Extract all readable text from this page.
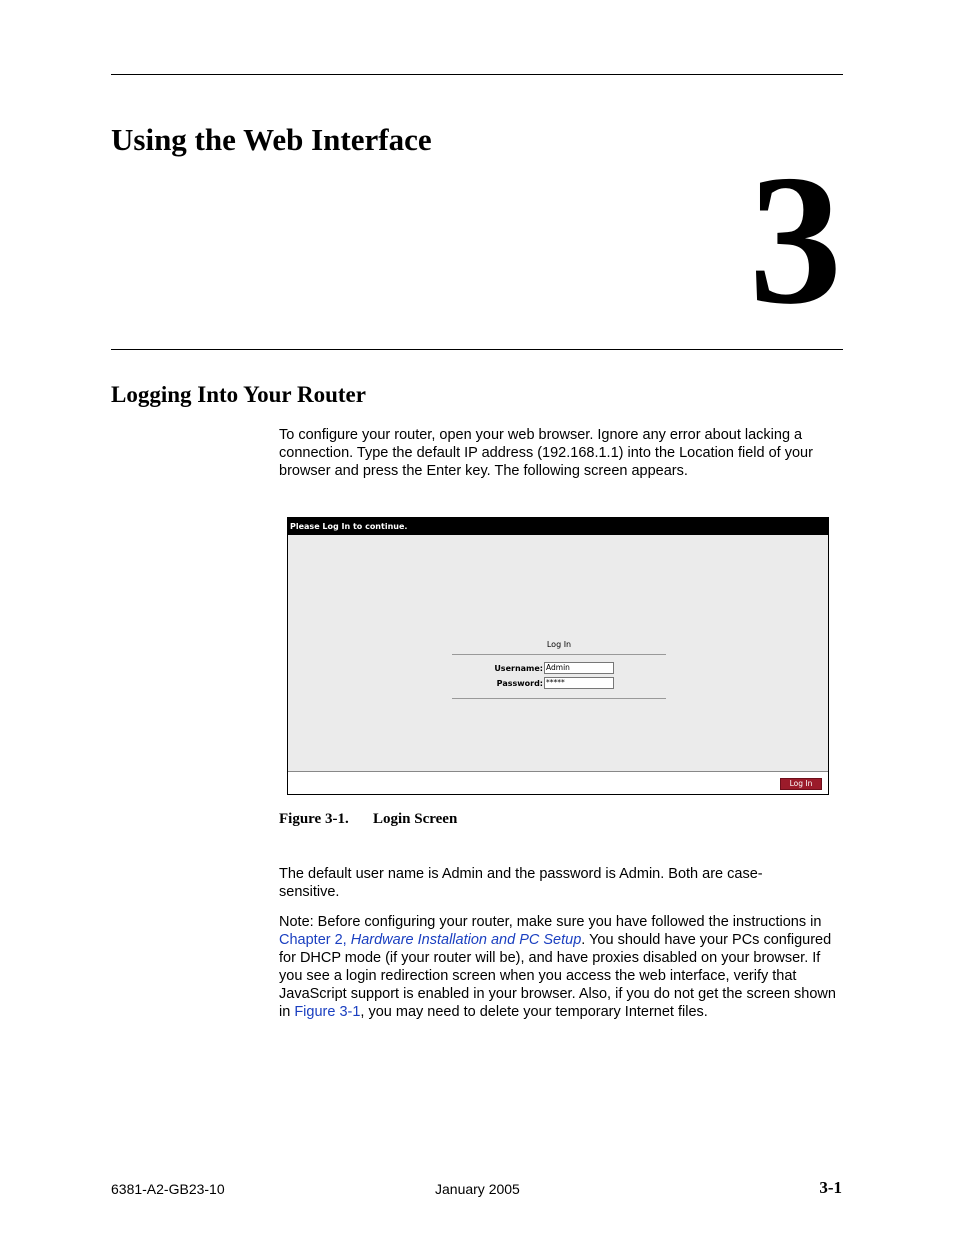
Using the Web Interface 3
Logging Into Your Router

To configure your router, open your web browser. Ignore any error about lacking a connection. Type the default IP address (192.168.1.1) into the Location field of your browser and press the Enter key. The following screen appears.

Please Log In to continue.
Log In
Username: Admin
Password: *****
Log In

Figure 3-1. Login Screen

The default user name is Admin and the password is Admin. Both are case-sensitive.

Note: Before configuring your router, make sure you have followed the instructions in Chapter 2, Hardware Installation and PC Setup. You should have your PCs configured for DHCP mode (if your router will be), and have proxies disabled on your browser. If you see a login redirection screen when you access the web interface, verify that JavaScript support is enabled in your browser. Also, if you do not get the screen shown in Figure 3-1, you may need to delete your temporary Internet files.

6381-A2-GB23-10	January 2005	3-1
